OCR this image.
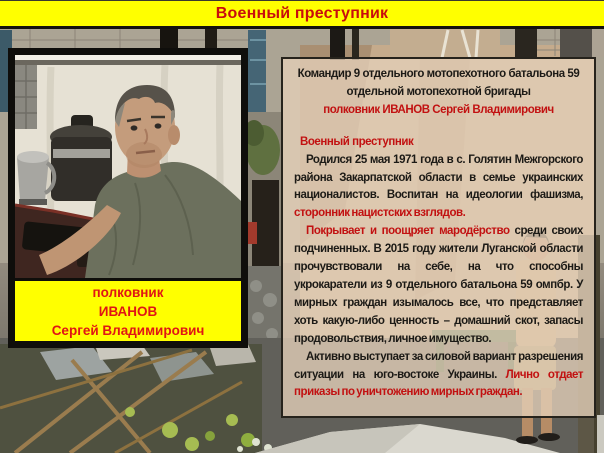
Военный преступник
полковник
ИВАНОВ
Сергей Владимирович
Командир 9 отдельного мотопехотного батальона 59
отдельной мотопехотной бригады
полковник ИВАНОВ Сергей Владимирович
Военный преступник

Родился 25 мая 1971 года в с. Голятин Межгорского района Закарпатской области в семье украинских националистов. Воспитан на идеологии фашизма, сторонник нацистских взглядов.

Покрывает и поощряет мародёрство среди своих подчиненных. В 2015 году жители Луганской области прочувствовали на себе, на что способны укрокаратели из 9 отдельного батальона 59 омпбр. У мирных граждан изымалось все, что представляет хоть какую-либо ценность – домашний скот, запасы продовольствия, личное имущество.

Активно выступает за силовой вариант разрешения ситуации на юго-востоке Украины. Лично отдает приказы по уничтожению мирных граждан.
